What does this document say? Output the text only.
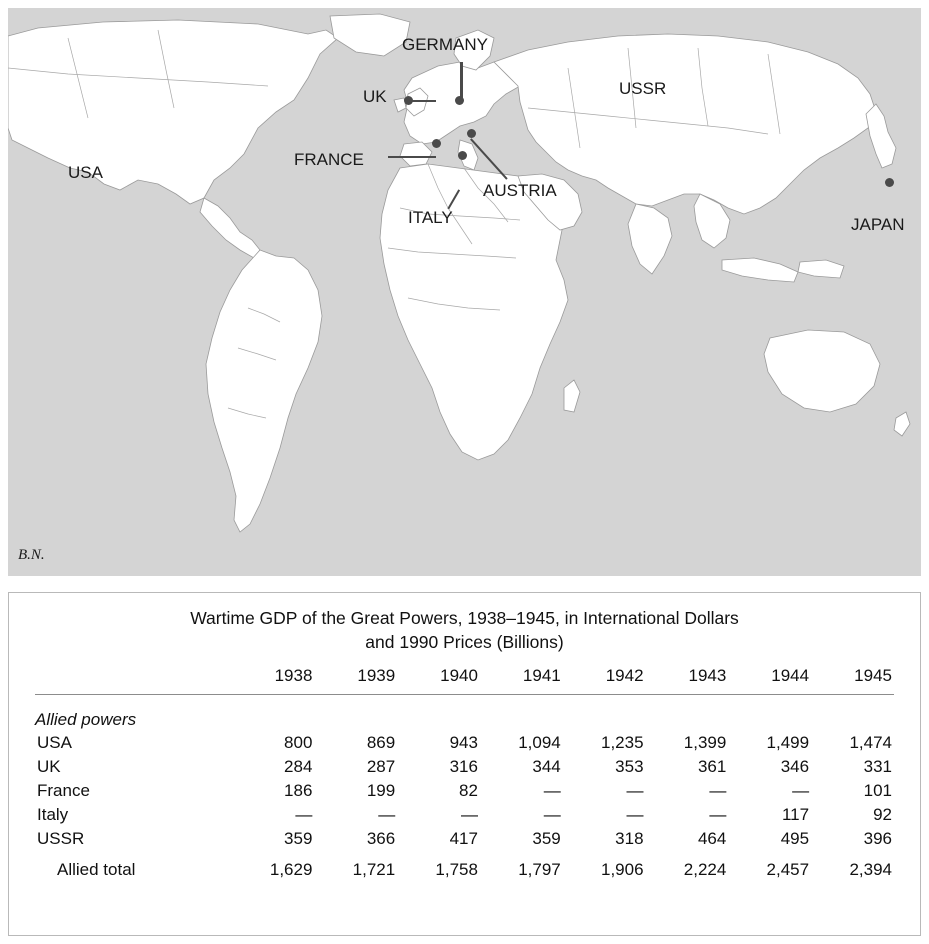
USA
UK
GERMANY
FRANCE
ITALY
AUSTRIA
USSR
JAPAN
B.N.
Wartime GDP of the Great Powers, 1938–1945, in International Dollars
and 1990 Prices (Billions)
	1938	1939	1940	1941	1942	1943	1944	1945

Allied powers								
USA	800	869	943	1,094	1,235	1,399	1,499	1,474
UK	284	287	316	344	353	361	346	331
France	186	199	82	—	—	—	—	101
Italy	—	—	—	—	—	—	117	92
USSR	359	366	417	359	318	464	495	396
Allied total	1,629	1,721	1,758	1,797	1,906	2,224	2,457	2,394
